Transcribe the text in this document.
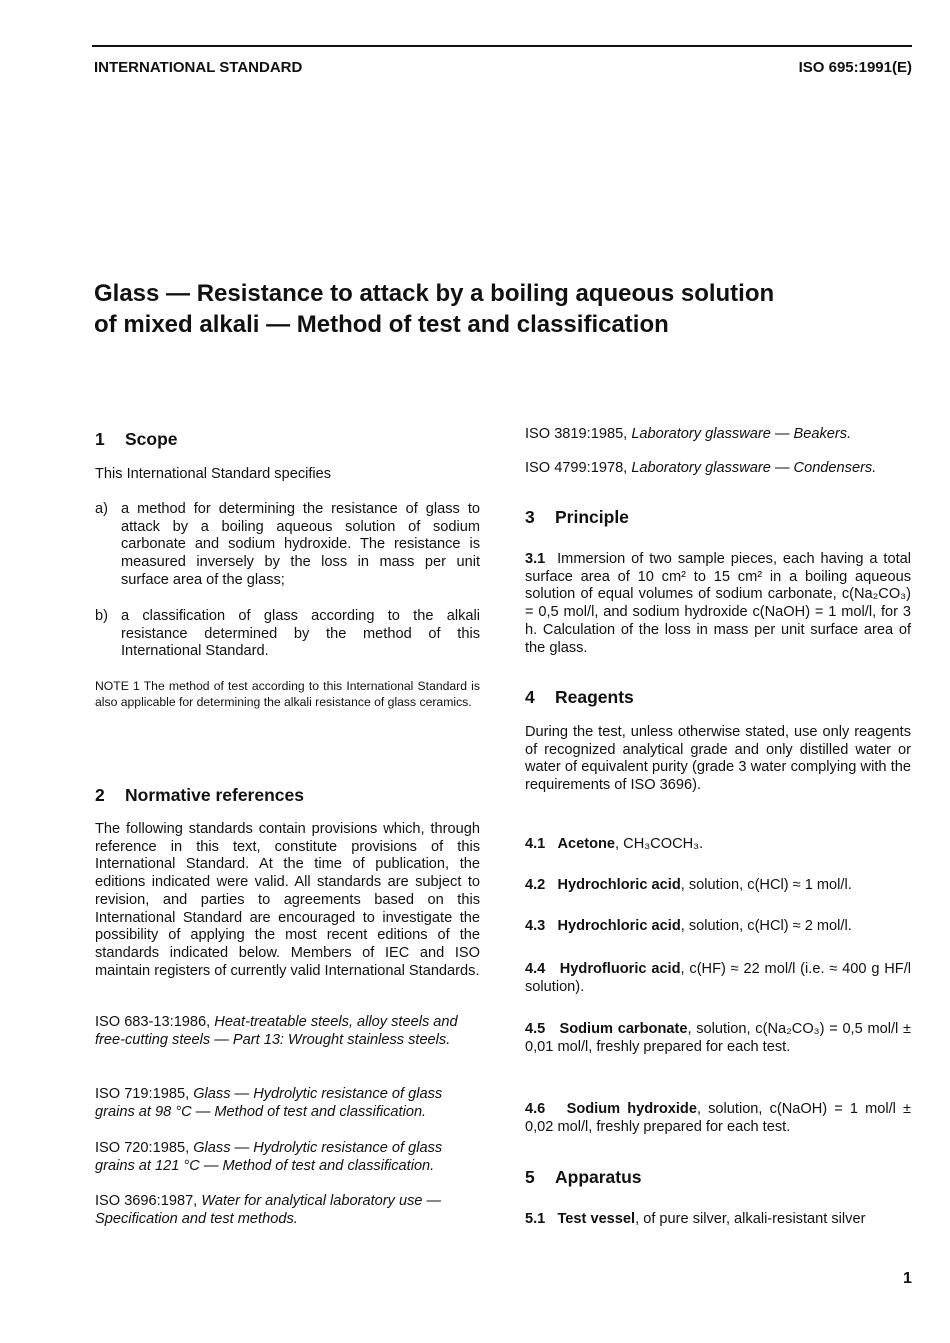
INTERNATIONAL STANDARD	ISO 695:1991(E)
Glass — Resistance to attack by a boiling aqueous solution
of mixed alkali — Method of test and classification
1 Scope
This International Standard specifies
a) a method for determining the resistance of glass to attack by a boiling aqueous solution of sodium carbonate and sodium hydroxide. The resistance is measured inversely by the loss in mass per unit surface area of the glass;
b) a classification of glass according to the alkali resistance determined by the method of this International Standard.
NOTE 1 The method of test according to this International Standard is also applicable for determining the alkali resistance of glass ceramics.
2 Normative references
The following standards contain provisions which, through reference in this text, constitute provisions of this International Standard. At the time of publication, the editions indicated were valid. All standards are subject to revision, and parties to agreements based on this International Standard are encouraged to investigate the possibility of applying the most recent editions of the standards indicated below. Members of IEC and ISO maintain registers of currently valid International Standards.
ISO 683-13:1986, Heat-treatable steels, alloy steels and free-cutting steels — Part 13: Wrought stainless steels.
ISO 719:1985, Glass — Hydrolytic resistance of glass grains at 98 °C — Method of test and classification.
ISO 720:1985, Glass — Hydrolytic resistance of glass grains at 121 °C — Method of test and classification.
ISO 3696:1987, Water for analytical laboratory use — Specification and test methods.
ISO 3819:1985, Laboratory glassware — Beakers.
ISO 4799:1978, Laboratory glassware — Condensers.
3 Principle
3.1 Immersion of two sample pieces, each having a total surface area of 10 cm² to 15 cm² in a boiling aqueous solution of equal volumes of sodium carbonate, c(Na₂CO₃) = 0,5 mol/l, and sodium hydroxide c(NaOH) = 1 mol/l, for 3 h. Calculation of the loss in mass per unit surface area of the glass.
4 Reagents
During the test, unless otherwise stated, use only reagents of recognized analytical grade and only distilled water or water of equivalent purity (grade 3 water complying with the requirements of ISO 3696).
4.1 Acetone, CH₃COCH₃.
4.2 Hydrochloric acid, solution, c(HCl) ≈ 1 mol/l.
4.3 Hydrochloric acid, solution, c(HCl) ≈ 2 mol/l.
4.4 Hydrofluoric acid, c(HF) ≈ 22 mol/l (i.e. ≈ 400 g HF/l solution).
4.5 Sodium carbonate, solution, c(Na₂CO₃) = 0,5 mol/l ± 0,01 mol/l, freshly prepared for each test.
4.6 Sodium hydroxide, solution, c(NaOH) = 1 mol/l ± 0,02 mol/l, freshly prepared for each test.
5 Apparatus
5.1 Test vessel, of pure silver, alkali-resistant silver
1
